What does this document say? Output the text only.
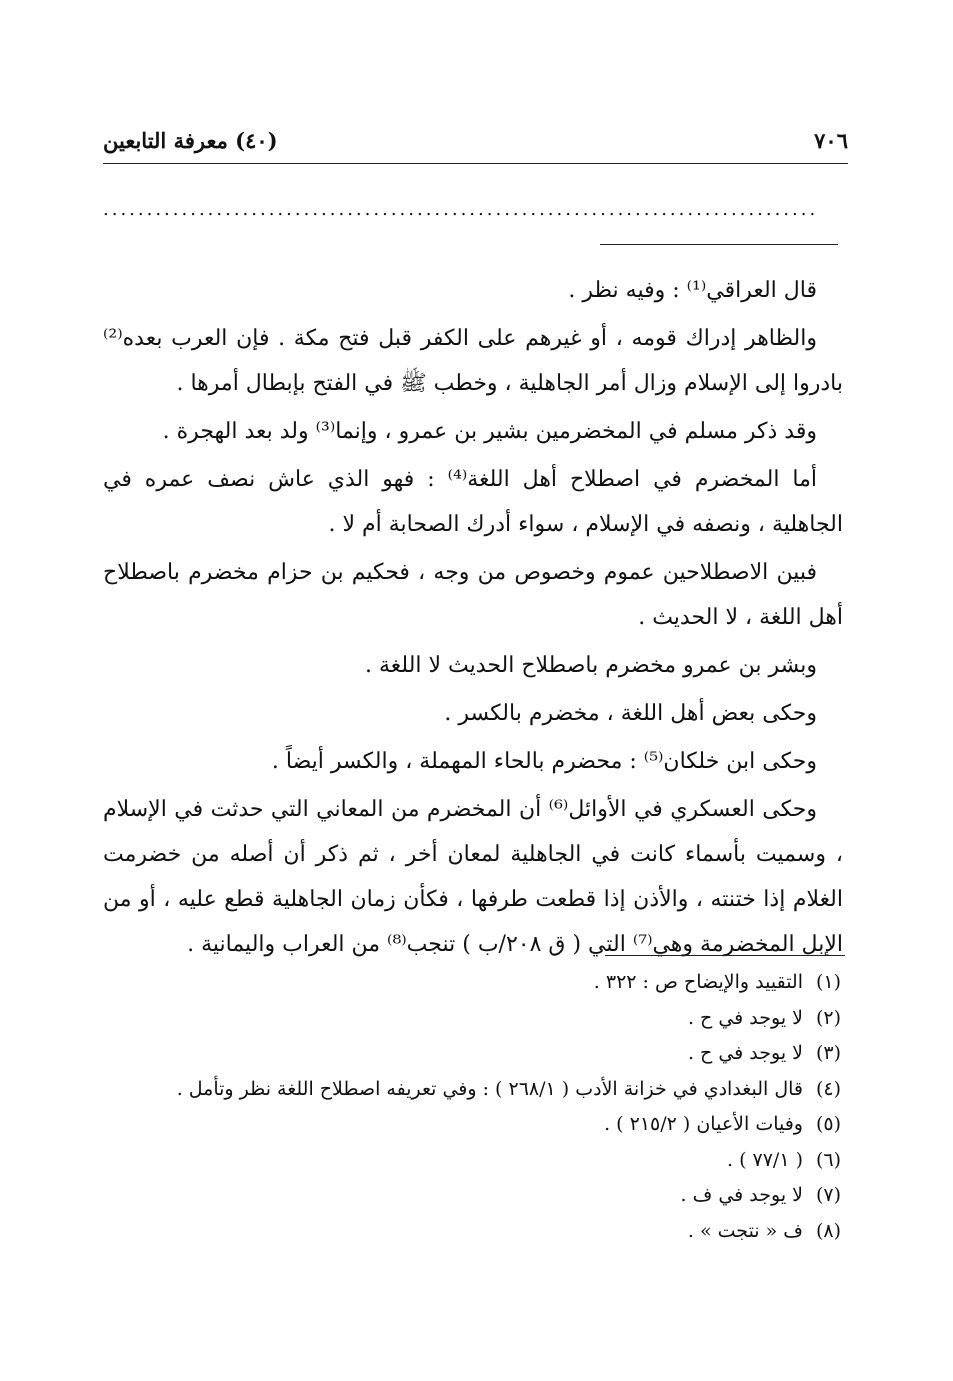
٧٠٦
(٤٠) معرفة التابعين
..................................................................................

قال العراقي⁽¹⁾ : وفيه نظر .

والظاهر إدراك قومه ، أو غيرهم على الكفر قبل فتح مكة . فإن العرب بعده⁽²⁾ بادروا إلى الإسلام وزال أمر الجاهلية ، وخطب ﷺ في الفتح بإبطال أمرها .

وقد ذكر مسلم في المخضرمين بشير بن عمرو ، وإنما⁽³⁾ ولد بعد الهجرة .

أما المخضرم في اصطلاح أهل اللغة⁽⁴⁾ : فهو الذي عاش نصف عمره في الجاهلية ، ونصفه في الإسلام ، سواء أدرك الصحابة أم لا .

فبين الاصطلاحين عموم وخصوص من وجه ، فحكيم بن حزام مخضرم باصطلاح أهل اللغة ، لا الحديث .

وبشر بن عمرو مخضرم باصطلاح الحديث لا اللغة .

وحكى بعض أهل اللغة ، مخضرم بالكسر .

وحكى ابن خلكان⁽⁵⁾ : محضرم بالحاء المهملة ، والكسر أيضاً .

وحكى العسكري في الأوائل⁽⁶⁾ أن المخضرم من المعاني التي حدثت في الإسلام ، وسميت بأسماء كانت في الجاهلية لمعان أخر ، ثم ذكر أن أصله من خضرمت الغلام إذا ختنته ، والأذن إذا قطعت طرفها ، فكأن زمان الجاهلية قطع عليه ، أو من الإبل المخضرمة وهي⁽⁷⁾ التي ( ق ٢٠٨/ب ) تنجب⁽⁸⁾ من العراب واليمانية .

(١)التقييد والإيضاح ص : ٣٢٢ .
(٢)لا يوجد في ح .
(٣)لا يوجد في ح .
(٤)قال البغدادي في خزانة الأدب ( ٢٦٨/١ ) : وفي تعريفه اصطلاح اللغة نظر وتأمل .
(٥)وفيات الأعيان ( ٢١٥/٢ ) .
(٦)( ٧٧/١ ) .
(٧)لا يوجد في ف .
(٨)ف « نتجت » .
